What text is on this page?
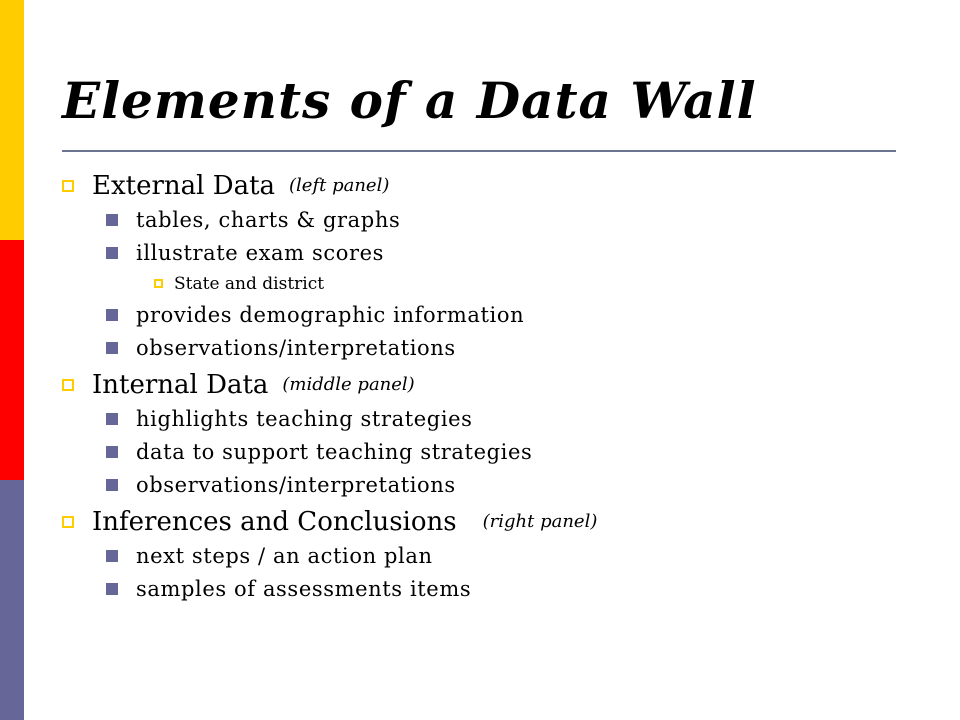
Elements of a Data Wall
External Data (left panel)
tables, charts & graphs
illustrate exam scores
State and district
provides demographic information
observations/interpretations
Internal Data (middle panel)
highlights teaching strategies
data to support teaching strategies
observations/interpretations
Inferences and Conclusions (right panel)
next steps / an action plan
samples of assessments items
